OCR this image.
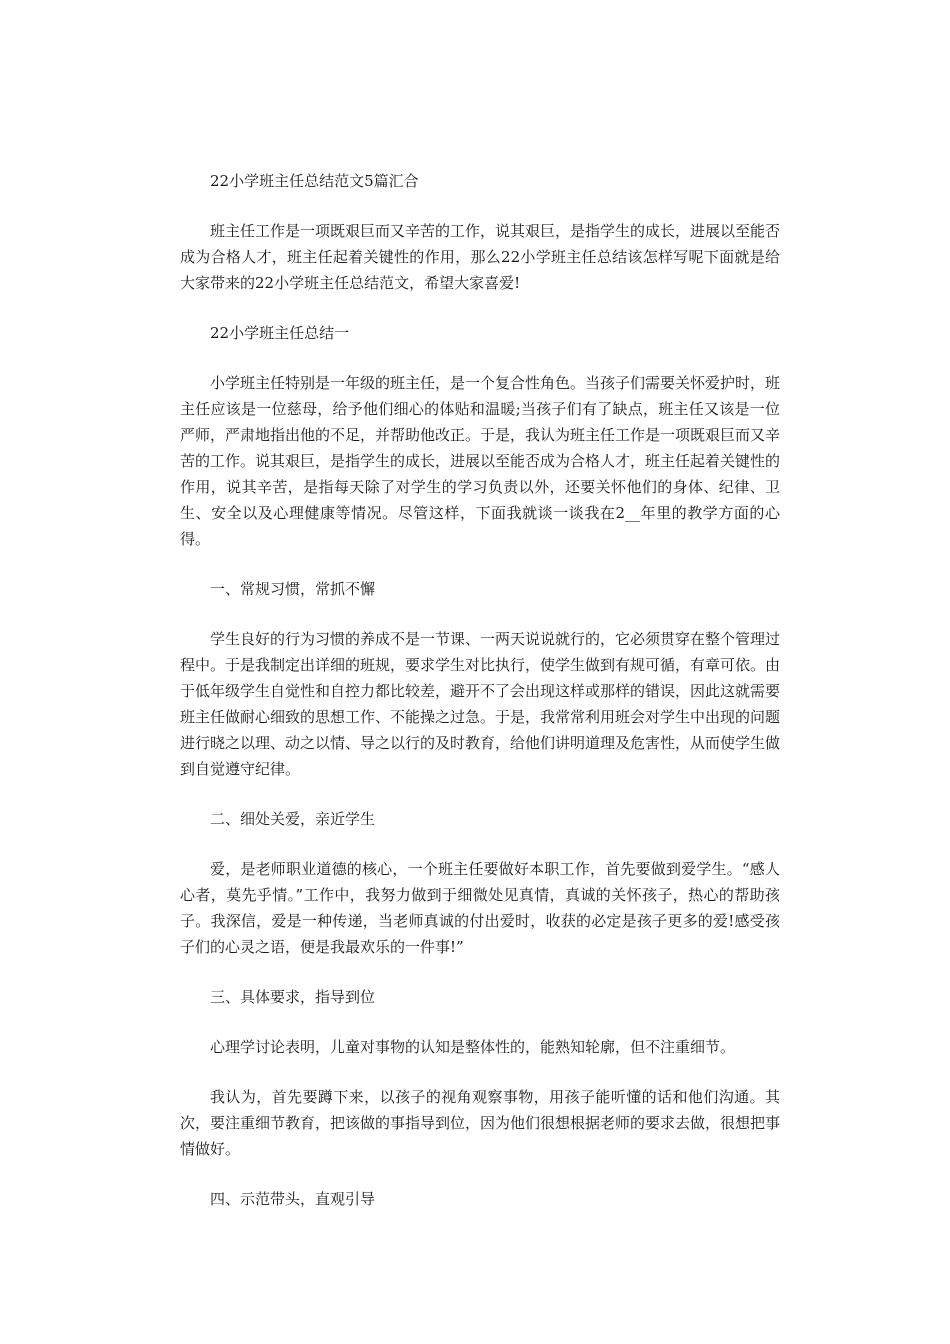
22小学班主任总结范文5篇汇合

班主任工作是一项既艰巨而又辛苦的工作，说其艰巨，是指学生的成长，进展以至能否成为合格人才，班主任起着关键性的作用，那么22小学班主任总结该怎样写呢下面就是给大家带来的22小学班主任总结范文，希望大家喜爱!

22小学班主任总结一

小学班主任特别是一年级的班主任，是一个复合性角色。当孩子们需要关怀爱护时，班主任应该是一位慈母，给予他们细心的体贴和温暖;当孩子们有了缺点，班主任又该是一位严师，严肃地指出他的不足，并帮助他改正。于是，我认为班主任工作是一项既艰巨而又辛苦的工作。说其艰巨，是指学生的成长，进展以至能否成为合格人才，班主任起着关键性的作用，说其辛苦，是指每天除了对学生的学习负责以外，还要关怀他们的身体、纪律、卫生、安全以及心理健康等情况。尽管这样，下面我就谈一谈我在2__年里的教学方面的心得。

一、常规习惯，常抓不懈

学生良好的行为习惯的养成不是一节课、一两天说说就行的，它必须贯穿在整个管理过程中。于是我制定出详细的班规，要求学生对比执行，使学生做到有规可循，有章可依。由于低年级学生自觉性和自控力都比较差，避开不了会出现这样或那样的错误，因此这就需要班主任做耐心细致的思想工作、不能操之过急。于是，我常常利用班会对学生中出现的问题进行晓之以理、动之以情、导之以行的及时教育，给他们讲明道理及危害性，从而使学生做到自觉遵守纪律。

二、细处关爱，亲近学生

爱，是老师职业道德的核心，一个班主任要做好本职工作，首先要做到爱学生。“感人心者，莫先乎情。”工作中，我努力做到于细微处见真情，真诚的关怀孩子，热心的帮助孩子。我深信，爱是一种传递，当老师真诚的付出爱时，收获的必定是孩子更多的爱!感受孩子们的心灵之语，便是我最欢乐的一件事!”

三、具体要求，指导到位

心理学讨论表明，儿童对事物的认知是整体性的，能熟知轮廓，但不注重细节。

我认为，首先要蹲下来，以孩子的视角观察事物，用孩子能听懂的话和他们沟通。其次，要注重细节教育，把该做的事指导到位，因为他们很想根据老师的要求去做，很想把事情做好。

四、示范带头，直观引导
